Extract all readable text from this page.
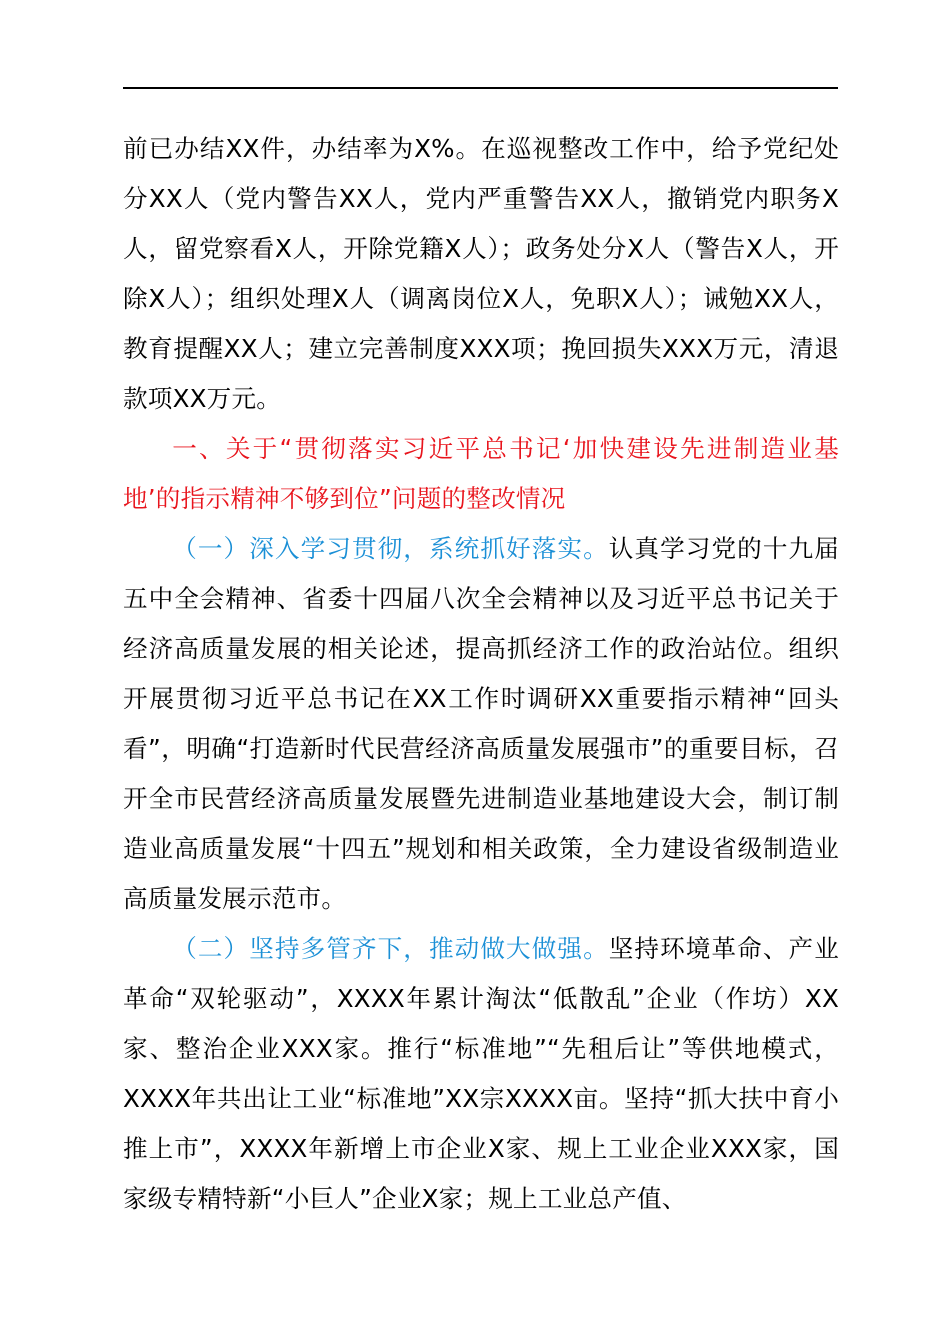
前已办结XX件，办结率为X%。在巡视整改工作中，给予党纪处分XX人（党内警告XX人，党内严重警告XX人，撤销党内职务X人，留党察看X人，开除党籍X人）；政务处分X人（警告X人，开除X人）；组织处理X人（调离岗位X人，免职X人）；诫勉XX人，教育提醒XX人；建立完善制度XXX项；挽回损失XXX万元，清退款项XX万元。

一、关于“贯彻落实习近平总书记‘加快建设先进制造业基地’的指示精神不够到位”问题的整改情况

（一）深入学习贯彻，系统抓好落实。认真学习党的十九届五中全会精神、省委十四届八次全会精神以及习近平总书记关于经济高质量发展的相关论述，提高抓经济工作的政治站位。组织开展贯彻习近平总书记在XX工作时调研XX重要指示精神“回头看”，明确“打造新时代民营经济高质量发展强市”的重要目标，召开全市民营经济高质量发展暨先进制造业基地建设大会，制订制造业高质量发展“十四五”规划和相关政策，全力建设省级制造业高质量发展示范市。

（二）坚持多管齐下，推动做大做强。坚持环境革命、产业革命“双轮驱动”，XXXX年累计淘汰“低散乱”企业（作坊）XX家、整治企业XXX家。推行“标准地”“先租后让”等供地模式，XXXX年共出让工业“标准地”XX宗XXXX亩。坚持“抓大扶中育小推上市”，XXXX年新增上市企业X家、规上工业企业XXX家，国家级专精特新“小巨人”企业X家；规上工业总产值、
